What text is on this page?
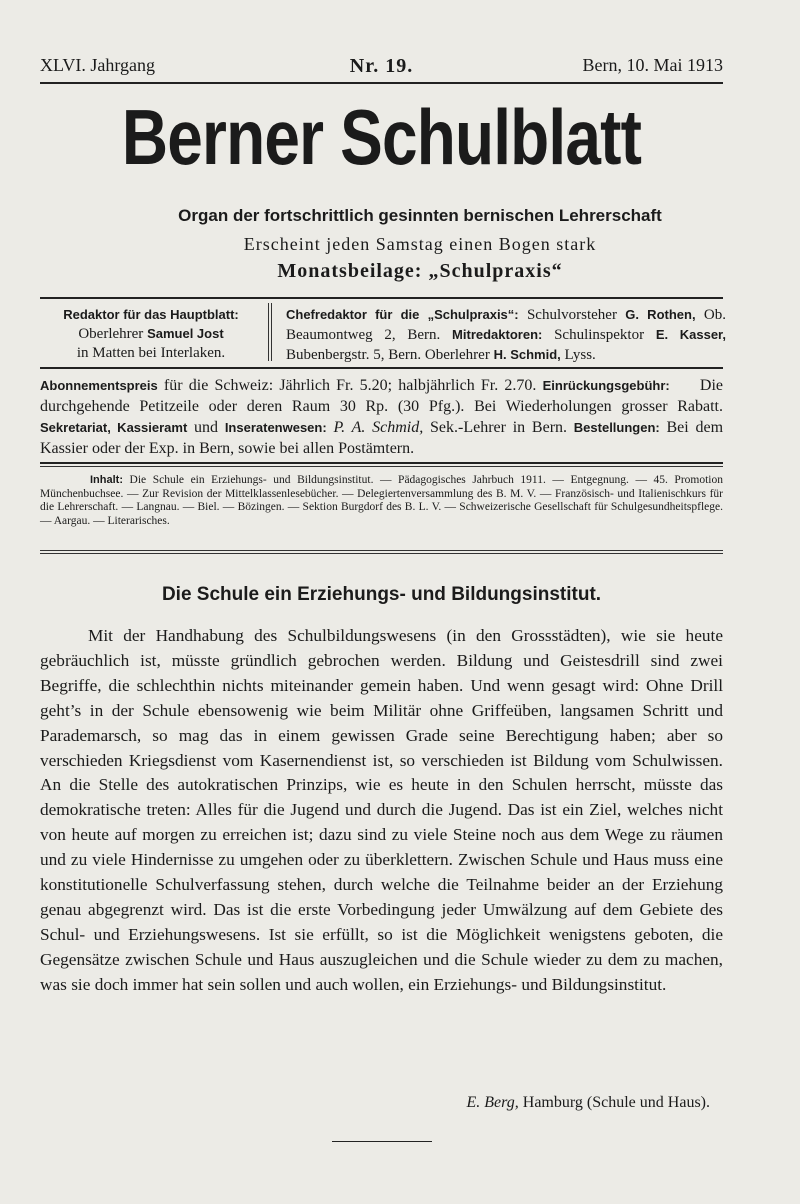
XLVI. Jahrgang	Nr. 19.	Bern, 10. Mai 1913
Berner Schulblatt
Organ der fortschrittlich gesinnten bernischen Lehrerschaft
Erscheint jeden Samstag einen Bogen stark
Monatsbeilage: „Schulpraxis“
Redaktor für das Hauptblatt:
Oberlehrer Samuel Jost
in Matten bei Interlaken.
Chefredaktor für die „Schulpraxis“: Schulvorsteher G. Rothen, Ob. Beaumontweg 2, Bern. Mitredaktoren: Schulinspektor E. Kasser, Bubenbergstr. 5, Bern. Oberlehrer H. Schmid, Lyss.
Abonnementspreis für die Schweiz: Jährlich Fr. 5.20; halbjährlich Fr. 2.70. Einrückungsgebühr: Die durchgehende Petitzeile oder deren Raum 30 Rp. (30 Pfg.). Bei Wiederholungen grosser Rabatt. Sekretariat, Kassieramt und Inseratenwesen: P. A. Schmid, Sek.-Lehrer in Bern. Bestellungen: Bei dem Kassier oder der Exp. in Bern, sowie bei allen Postämtern.
Inhalt: Die Schule ein Erziehungs- und Bildungsinstitut. — Pädagogisches Jahrbuch 1911. — Entgegnung. — 45. Promotion Münchenbuchsee. — Zur Revision der Mittelklassenlesebücher. — Delegiertenversammlung des B. M. V. — Französisch- und Italienischkurs für die Lehrerschaft. — Langnau. — Biel. — Bözingen. — Sektion Burgdorf des B. L. V. — Schweizerische Gesellschaft für Schulgesundheitspflege. — Aargau. — Literarisches.
Die Schule ein Erziehungs- und Bildungsinstitut.

Mit der Handhabung des Schulbildungswesens (in den Grossstädten), wie sie heute gebräuchlich ist, müsste gründlich gebrochen werden. Bildung und Geistesdrill sind zwei Begriffe, die schlechthin nichts miteinander gemein haben. Und wenn gesagt wird: Ohne Drill geht’s in der Schule ebensowenig wie beim Militär ohne Griffeüben, langsamen Schritt und Parademarsch, so mag das in einem gewissen Grade seine Berechtigung haben; aber so verschieden Kriegsdienst vom Kasernendienst ist, so verschieden ist Bildung vom Schulwissen. An die Stelle des autokratischen Prinzips, wie es heute in den Schulen herrscht, müsste das demokratische treten: Alles für die Jugend und durch die Jugend. Das ist ein Ziel, welches nicht von heute auf morgen zu erreichen ist; dazu sind zu viele Steine noch aus dem Wege zu räumen und zu viele Hindernisse zu umgehen oder zu überklettern. Zwischen Schule und Haus muss eine konstitutionelle Schulverfassung stehen, durch welche die Teilnahme beider an der Erziehung genau abgegrenzt wird. Das ist die erste Vorbedingung jeder Umwälzung auf dem Gebiete des Schul- und Erziehungswesens. Ist sie erfüllt, so ist die Möglichkeit wenigstens geboten, die Gegensätze zwischen Schule und Haus auszugleichen und die Schule wieder zu dem zu machen, was sie doch immer hat sein sollen und auch wollen, ein Erziehungs- und Bildungsinstitut.

E. Berg, Hamburg (Schule und Haus).
